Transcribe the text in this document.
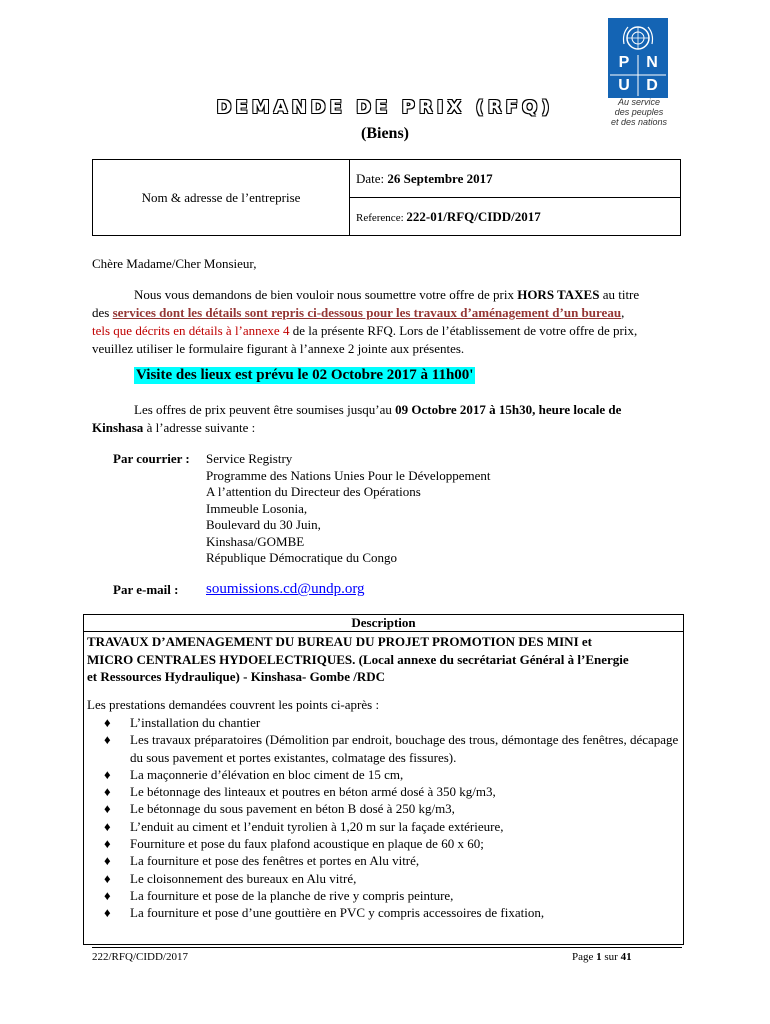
DEMANDE DE PRIX (RFQ)
(Biens)
P	N
U	D
Au service
des peuples
et des nations
Nom & adresse de l’entreprise	Date: 26 Septembre 2017
Reference: 222-01/RFQ/CIDD/2017
Chère Madame/Cher Monsieur,
Nous vous demandons de bien vouloir nous soumettre votre offre de prix HORS TAXES au titre
des services dont les détails sont repris ci-dessous pour les travaux d’aménagement d’un bureau,
tels que décrits en détails à l’annexe 4 de la présente RFQ. Lors de l’établissement de votre offre de prix,
veuillez utiliser le formulaire figurant à l’annexe 2 jointe aux présentes.
Visite des lieux est prévu le 02 Octobre 2017 à 11h00'
Les offres de prix peuvent être soumises jusqu’au 09 Octobre 2017 à 15h30, heure locale de
Kinshasa à l’adresse suivante :
Par courrier : Service Registry
Programme des Nations Unies Pour le Développement
A l’attention du Directeur des Opérations
Immeuble Losonia,
Boulevard du 30 Juin,
Kinshasa/GOMBE
République Démocratique du Congo
Par e-mail : soumissions.cd@undp.org
Description
TRAVAUX D’AMENAGEMENT DU BUREAU DU PROJET PROMOTION DES MINI et
MICRO CENTRALES HYDOELECTRIQUES. (Local annexe du secrétariat Général à l’Energie
et Ressources Hydraulique) - Kinshasa- Gombe /RDC
Les prestations demandées couvrent les points ci-après :
♦ L’installation du chantier
♦ Les travaux préparatoires (Démolition par endroit, bouchage des trous, démontage des fenêtres, décapage du sous pavement et portes existantes, colmatage des fissures).
♦ La maçonnerie d’élévation en bloc ciment de 15 cm,
♦ Le bétonnage des linteaux et poutres en béton armé dosé à 350 kg/m3,
♦ Le bétonnage du sous pavement en béton B dosé à 250 kg/m3,
♦ L’enduit au ciment et l’enduit tyrolien à 1,20 m sur la façade extérieure,
♦ Fourniture et pose du faux plafond acoustique en plaque de 60 x 60;
♦ La fourniture et pose des fenêtres et portes en Alu vitré,
♦ Le cloisonnement des bureaux en Alu vitré,
♦ La fourniture et pose de la planche de rive y compris peinture,
♦ La fourniture et pose d’une gouttière en PVC y compris accessoires de fixation,
222/RFQ/CIDD/2017	Page 1 sur 41
